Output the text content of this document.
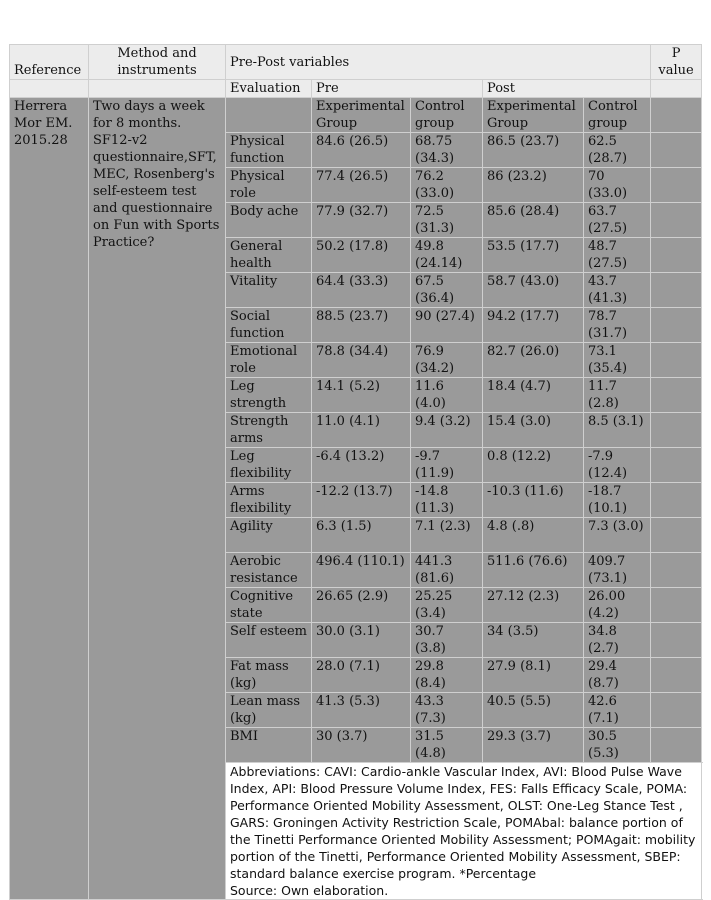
Reference	Method and instruments	Pre-Post variables					P value
		Evaluation	Pre		Post		
Herrera Mor EM. 2015.28	Two days a week for 8 months. SF12-v2 questionnaire,SFT, MEC, Rosenberg's self-esteem test and questionnaire on Fun with Sports Practice?		Experimental Group	Control group	Experimental Group	Control group	
		Physical function	84.6 (26.5)	68.75 (34.3)	86.5 (23.7)	62.5 (28.7)	
		Physical role	77.4 (26.5)	76.2 (33.0)	86 (23.2)	70 (33.0)	
		Body ache	77.9 (32.7)	72.5 (31.3)	85.6 (28.4)	63.7 (27.5)	
		General health	50.2 (17.8)	49.8 (24.14)	53.5 (17.7)	48.7 (27.5)	
		Vitality	64.4 (33.3)	67.5 (36.4)	58.7 (43.0)	43.7 (41.3)	
		Social function	88.5 (23.7)	90 (27.4)	94.2 (17.7)	78.7 (31.7)	
		Emotional role	78.8 (34.4)	76.9 (34.2)	82.7 (26.0)	73.1 (35.4)	
		Leg strength	14.1 (5.2)	11.6 (4.0)	18.4 (4.7)	11.7 (2.8)	
		Strength arms	11.0 (4.1)	9.4 (3.2)	15.4 (3.0)	8.5 (3.1)	
		Leg flexibility	-6.4 (13.2)	-9.7 (11.9)	0.8 (12.2)	-7.9 (12.4)	
		Arms flexibility	-12.2 (13.7)	-14.8 (11.3)	-10.3 (11.6)	-18.7 (10.1)	
		Agility	6.3 (1.5)	7.1 (2.3)	4.8 (.8)	7.3 (3.0)	
		Aerobic resistance	496.4 (110.1)	441.3 (81.6)	511.6 (76.6)	409.7 (73.1)	
		Cognitive state	26.65 (2.9)	25.25 (3.4)	27.12 (2.3)	26.00 (4.2)	
		Self esteem	30.0 (3.1)	30.7 (3.8)	34 (3.5)	34.8 (2.7)	
		Fat mass (kg)	28.0 (7.1)	29.8 (8.4)	27.9 (8.1)	29.4 (8.7)	
		Lean mass (kg)	41.3 (5.3)	43.3 (7.3)	40.5 (5.5)	42.6 (7.1)	
		BMI	30 (3.7)	31.5 (4.8)	29.3 (3.7)	30.5 (5.3)	

		Abbreviations: CAVI: Cardio-ankle Vascular Index, AVI: Blood Pulse Wave Index, API: Blood Pressure Volume Index, FES: Falls Efficacy Scale, POMA: Performance Oriented Mobility Assessment, OLST: One-Leg Stance Test , GARS: Groningen Activity Restriction Scale, POMAbal: balance portion of the Tinetti Performance Oriented Mobility Assessment; POMAgait: mobility portion of the Tinetti, Performance Oriented Mobility Assessment, SBEP: standard balance exercise program. *Percentage
Source: Own elaboration.					
